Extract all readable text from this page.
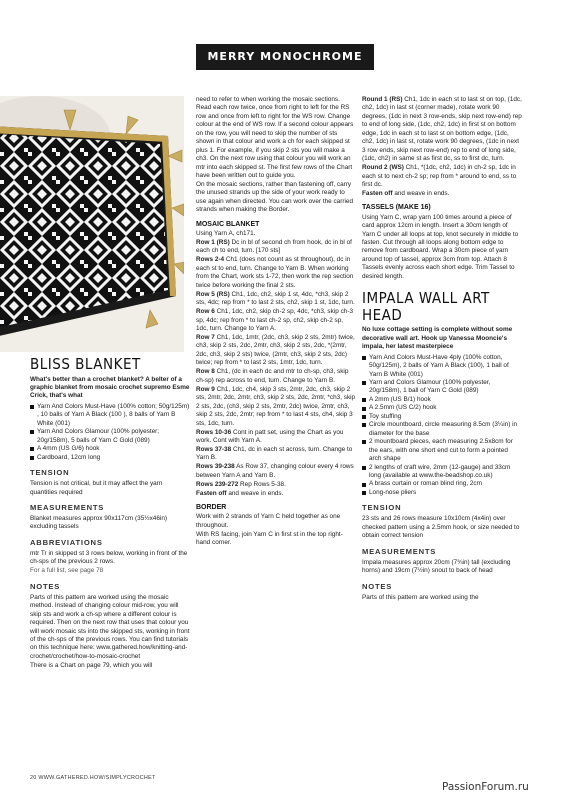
MERRY MONOCHROME
BLISS BLANKET

What's better than a crochet blanket? A belter of a graphic blanket from mosaic crochet supremo Esme Crick, that's what

Yarn And Colors Must-Have (100% cotton; 50g/125m) , 10 balls of Yarn A Black (100 ), 8 balls of Yarn B White (001)
Yarn And Colors Glamour (100% polyester; 20g/158m), 5 balls of Yarn C Gold (089)
A 4mm (US G/6) hook
Cardboard, 12cm long
TENSION

Tension is not critical, but it may affect the yarn quantities required

MEASUREMENTS

Blanket measures approx 90x117cm (35½x46in) excluding tassels

ABBREVIATIONS

mtr Tr in skipped st 3 rows below, working in front of the ch-sps of the previous 2 rows.

For a full list, see page 78

NOTES

Parts of this pattern are worked using the mosaic method. Instead of changing colour mid-row, you will skip sts and work a ch-sp where a different colour is required. Then on the next row that uses that colour you will work mosaic sts into the skipped sts, working in front of the ch-sps of the previous rows. You can find tutorials on this technique here: www.gathered.how/knitting-and-crochet/crochet/how-to-mosaic-crochet

There is a Chart on page 79, which you will

need to refer to when working the mosaic sections. Read each row twice, once from right to left for the RS row and once from left to right for the WS row. Change colour at the end of WS row. If a second colour appears on the row, you will need to skip the number of sts shown in that colour and work a ch for each skipped st plus 1. For example, if you skip 2 sts you will make a ch3. On the next row using that colour you will work an mtr into each skipped st. The first few rows of the Chart have been written out to guide you.

On the mosaic sections, rather than fastening off, carry the unused strands up the side of your work ready to use again when directed. You can work over the carried strands when making the Border.

MOSAIC BLANKET

Using Yarn A, ch171.

Row 1 (RS) Dc in bl of second ch from hook, dc in bl of each ch to end, turn. [170 sts]

Rows 2-4 Ch1 (does not count as st throughout), dc in each st to end, turn. Change to Yarn B. When working from the Chart, work sts 1-72, then work the rep section twice before working the final 2 sts.

Row 5 (RS) Ch1, 1dc, ch2, skip 1 st, 4dc, *ch3, skip 2 sts, 4dc; rep from * to last 2 sts, ch2, skip 1 st, 1dc, turn.

Row 6 Ch1, 1dc, ch2, skip ch-2 sp, 4dc, *ch3, skip ch-3 sp, 4dc; rep from * to last ch-2 sp, ch2, skip ch-2 sp, 1dc, turn. Change to Yarn A.

Row 7 Ch1, 1dc, 1mtr, (2dc, ch3, skip 2 sts, 2mtr) twice, ch3, skip 2 sts, 2dc, 2mtr, ch3, skip 2 sts, 2dc, *(2mtr, 2dc, ch3, skip 2 sts) twice, (2mtr, ch3, skip 2 sts, 2dc) twice; rep from * to last 2 sts, 1mtr, 1dc, turn.

Row 8 Ch1, (dc in each dc and mtr to ch-sp, ch3, skip ch-sp) rep across to end, turn. Change to Yarn B.

Row 9 Ch1, 1dc, ch4, skip 3 sts, 2mtr, 2dc, ch3, skip 2 sts, 2mtr, 2dc, 2mtr, ch3, skip 2 sts, 2dc, 2mtr, *ch3, skip 2 sts, 2dc, (ch3, skip 2 sts, 2mtr, 2dc) twice, 2mtr, ch3, skip 2 sts, 2dc, 2mtr; rep from * to last 4 sts, ch4, skip 3 sts, 1dc, turn.

Rows 10-36 Cont in patt set, using the Chart as you work. Cont with Yarn A.

Rows 37-38 Ch1, dc in each st across, turn. Change to Yarn B.

Rows 39-238 As Row 37, changing colour every 4 rows between Yarn A and Yarn B.

Rows 239-272 Rep Rows 5-38.

Fasten off and weave in ends.

BORDER

Work with 2 strands of Yarn C held together as one throughout.

With RS facing, join Yarn C in first st in the top right-hand corner.

Round 1 (RS) Ch1, 1dc in each st to last st on top, (1dc, ch2, 1dc) in last st (corner made), rotate work 90 degrees, (1dc in next 3 row-ends, skip next row-end) rep to end of long side, (1dc, ch2, 1dc) in first st on bottom edge, 1dc in each st to last st on bottom edge, (1dc, ch2, 1dc) in last st, rotate work 90 degrees, (1dc in next 3 row ends, skip next row-end) rep to end of long side, (1dc, ch2) in same st as first dc, ss to first dc, turn.

Round 2 (WS) Ch1, *(1dc, ch2, 1dc) in ch-2 sp, 1dc in each st to next ch-2 sp; rep from * around to end, ss to first dc.

Fasten off and weave in ends.

TASSELS (MAKE 16)

Using Yarn C, wrap yarn 100 times around a piece of card approx 12cm in length. Insert a 30cm length of Yarn C under all loops at top, knot securely in middle to fasten. Cut through all loops along bottom edge to remove from cardboard. Wrap a 30cm piece of yarn around top of tassel, approx 3cm from top. Attach 8 Tassels evenly across each short edge. Trim Tassel to desired length.

IMPALA WALL ART HEAD

No luxe cottage setting is complete without some decorative wall art. Hook up Vanessa Mooncie's impala, her latest masterpiece

Yarn And Colors Must-Have 4ply (100% cotton, 50g/125m), 2 balls of Yarn A Black (100), 1 ball of Yarn B White (001)
Yarn and Colors Glamour (100% polyester, 20g/158m), 1 ball of Yarn C Gold (089)
A 2mm (US B/1) hook
A 2.5mm (US C/2) hook
Toy stuffing
Circle mountboard, circle measuring 8.5cm (3¼in) in diameter for the base
2 mountboard pieces, each measuring 2.5x8cm for the ears, with one short end cut to form a pointed arch shape
2 lengths of craft wire, 2mm (12-gauge) and 33cm long (available at www.the-beadshop.co.uk)
A brass curtain or roman blind ring, 2cm
Long-nose pliers
TENSION

23 sts and 26 rows measure 10x10cm (4x4in) over checked pattern using a 2.5mm hook, or size needed to obtain correct tension

MEASUREMENTS

Impala measures approx 20cm (7¾in) tall (excluding horns) and 19cm (7½in) snout to back of head

NOTES

Parts of this pattern are worked using the

20 WWW.GATHERED.HOW/SIMPLYCROCHET
PassionForum.ru
